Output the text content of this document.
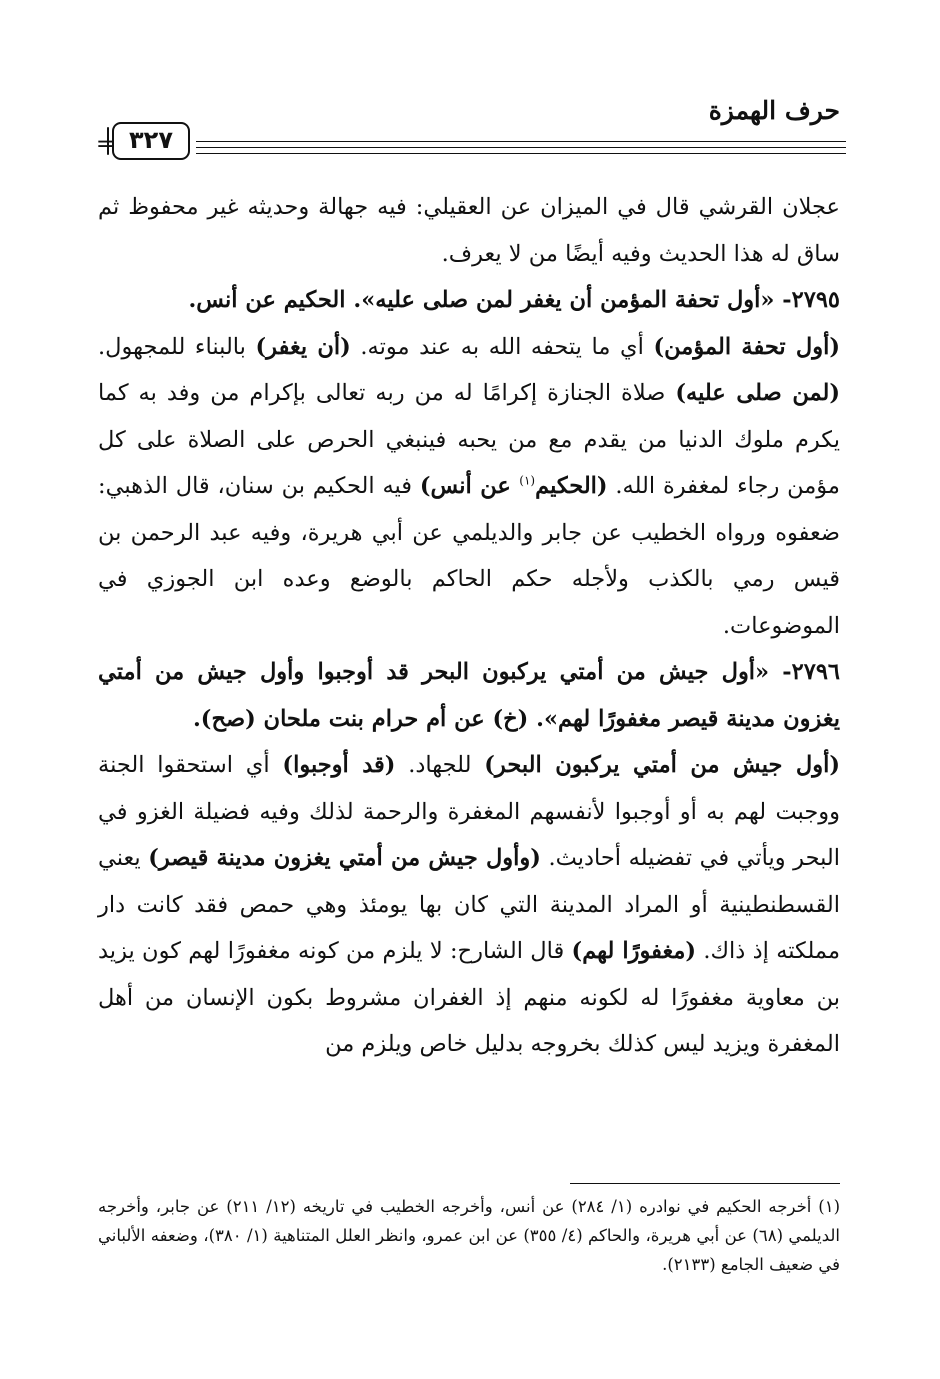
حرف الهمزة
= ٣٢٧

عجلان القرشي قال في الميزان عن العقيلي: فيه جهالة وحديثه غير محفوظ ثم ساق له هذا الحديث وفيه أيضًا من لا يعرف.

٢٧٩٥- «أول تحفة المؤمن أن يغفر لمن صلى عليه». الحكيم عن أنس.

(أول تحفة المؤمن) أي ما يتحفه الله به عند موته. (أن يغفر) بالبناء للمجهول. (لمن صلى عليه) صلاة الجنازة إكرامًا له من ربه تعالى بإكرام من وفد به كما يكرم ملوك الدنيا من يقدم مع من يحبه فينبغي الحرص على الصلاة على كل مؤمن رجاء لمغفرة الله. (الحكيم$^{(١)}$ عن أنس) فيه الحكيم بن سنان، قال الذهبي: ضعفوه ورواه الخطيب عن جابر والديلمي عن أبي هريرة، وفيه عبد الرحمن بن قيس رمي بالكذب ولأجله حكم الحاكم بالوضع وعده ابن الجوزي في الموضوعات.

٢٧٩٦- «أول جيش من أمتي يركبون البحر قد أوجبوا وأول جيش من أمتي يغزون مدينة قيصر مغفورًا لهم». (خ) عن أم حرام بنت ملحان (صح).

(أول جيش من أمتي يركبون البحر) للجهاد. (قد أوجبوا) أي استحقوا الجنة ووجبت لهم به أو أوجبوا لأنفسهم المغفرة والرحمة لذلك وفيه فضيلة الغزو في البحر ويأتي في تفضيله أحاديث. (وأول جيش من أمتي يغزون مدينة قيصر) يعني القسطنطينية أو المراد المدينة التي كان بها يومئذ وهي حمص فقد كانت دار مملكته إذ ذاك. (مغفورًا لهم) قال الشارح: لا يلزم من كونه مغفورًا لهم كون يزيد بن معاوية مغفورًا له لكونه منهم إذ الغفران مشروط بكون الإنسان من أهل المغفرة ويزيد ليس كذلك بخروجه بدليل خاص ويلزم من

(١) أخرجه الحكيم في نوادره (١/ ٢٨٤) عن أنس، وأخرجه الخطيب في تاريخه (١٢/ ٢١١) عن جابر، وأخرجه الديلمي (٦٨) عن أبي هريرة، والحاكم (٤/ ٣٥٥) عن ابن عمرو، وانظر العلل المتناهية (١/ ٣٨٠)، وضعفه الألباني في ضعيف الجامع (٢١٣٣).
